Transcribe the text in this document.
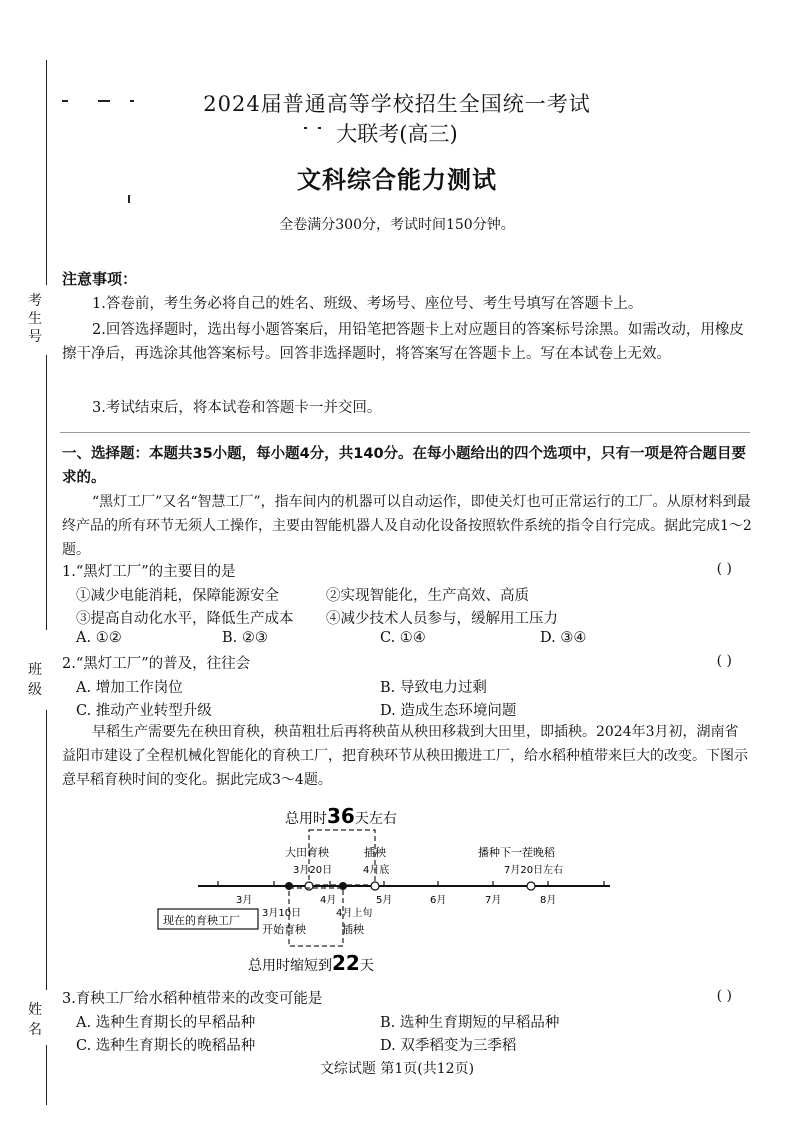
考生号
班级
姓名
2024届普通高等学校招生全国统一考试
大联考(高三)
文科综合能力测试
全卷满分300分，考试时间150分钟。
注意事项：
1.答卷前，考生务必将自己的姓名、班级、考场号、座位号、考生号填写在答题卡上。
2.回答选择题时，选出每小题答案后，用铅笔把答题卡上对应题目的答案标号涂黑。如需改动，用橡皮擦干净后，再选涂其他答案标号。回答非选择题时，将答案写在答题卡上。写在本试卷上无效。
3.考试结束后，将本试卷和答题卡一并交回。
一、选择题：本题共35小题，每小题4分，共140分。在每小题给出的四个选项中，只有一项是符合题目要求的。
“黑灯工厂”又名“智慧工厂”，指车间内的机器可以自动运作，即使关灯也可正常运行的工厂。从原材料到最终产品的所有环节无须人工操作，主要由智能机器人及自动化设备按照软件系统的指令自行完成。据此完成1～2题。
1.“黑灯工厂”的主要目的是	( )
①减少电能消耗，保障能源安全	②实现智能化，生产高效、高质
③提高自动化水平，降低生产成本 ④减少技术人员参与，缓解用工压力
A. ①②	B. ②③	C. ①④	D. ③④
2.“黑灯工厂”的普及，往往会	( )
A. 增加工作岗位	B. 导致电力过剩
C. 推动产业转型升级	D. 造成生态环境问题
早稻生产需要先在秧田育秧，秧苗粗壮后再将秧苗从秧田移栽到大田里，即插秧。2024年3月初，湖南省益阳市建设了全程机械化智能化的育秧工厂，把育秧环节从秧田搬进工厂，给水稻种植带来巨大的改变。下图示意早稻育秧时间的变化。据此完成3～4题。
总用时36天左右
大田育秧
3月20日
插秧
4月底
播种下一茬晚稻
7月20日左右
3月	4月	5月	6月	7月	8月
3月10日
开始育秧
4月上旬
插秧
现在的育秧工厂
总用时缩短到22天
3.育秧工厂给水稻种植带来的改变可能是	( )
A. 选种生育期长的早稻品种	B. 选种生育期短的早稻品种
C. 选种生育期长的晚稻品种	D. 双季稻变为三季稻
文综试题 第1页(共12页)
